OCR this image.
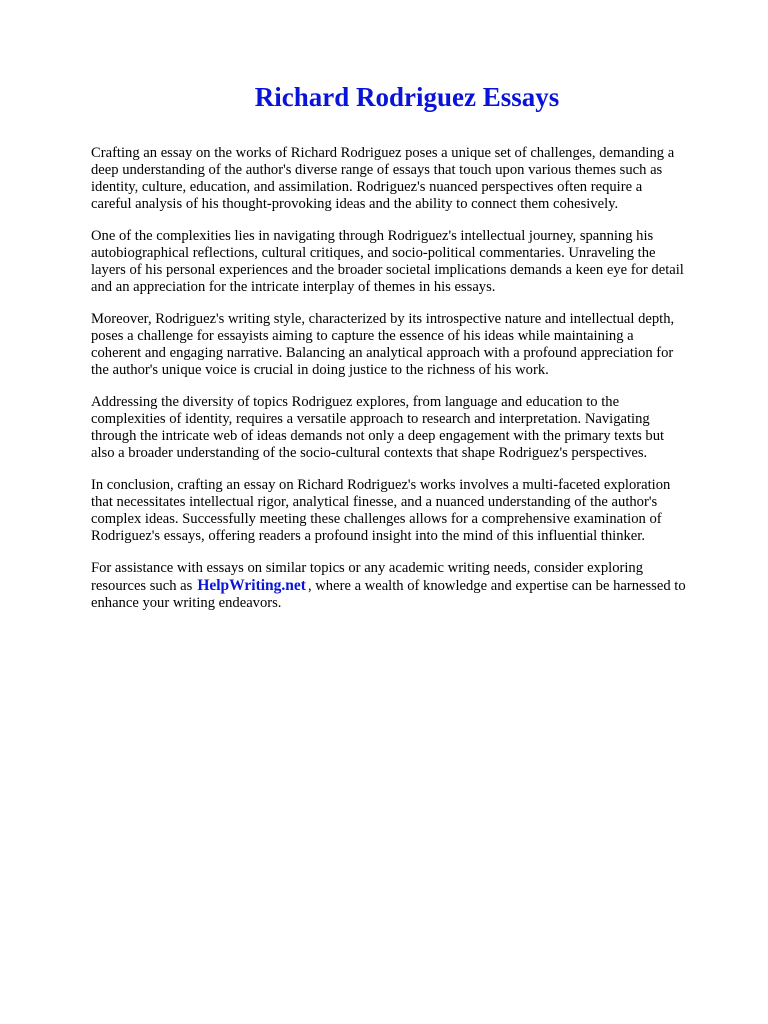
Richard Rodriguez Essays
Crafting an essay on the works of Richard Rodriguez poses a unique set of challenges, demanding a
deep understanding of the author's diverse range of essays that touch upon various themes such as
identity, culture, education, and assimilation. Rodriguez's nuanced perspectives often require a
careful analysis of his thought-provoking ideas and the ability to connect them cohesively.
One of the complexities lies in navigating through Rodriguez's intellectual journey, spanning his
autobiographical reflections, cultural critiques, and socio-political commentaries. Unraveling the
layers of his personal experiences and the broader societal implications demands a keen eye for detail
and an appreciation for the intricate interplay of themes in his essays.
Moreover, Rodriguez's writing style, characterized by its introspective nature and intellectual depth,
poses a challenge for essayists aiming to capture the essence of his ideas while maintaining a
coherent and engaging narrative. Balancing an analytical approach with a profound appreciation for
the author's unique voice is crucial in doing justice to the richness of his work.
Addressing the diversity of topics Rodriguez explores, from language and education to the
complexities of identity, requires a versatile approach to research and interpretation. Navigating
through the intricate web of ideas demands not only a deep engagement with the primary texts but
also a broader understanding of the socio-cultural contexts that shape Rodriguez's perspectives.
In conclusion, crafting an essay on Richard Rodriguez's works involves a multi-faceted exploration
that necessitates intellectual rigor, analytical finesse, and a nuanced understanding of the author's
complex ideas. Successfully meeting these challenges allows for a comprehensive examination of
Rodriguez's essays, offering readers a profound insight into the mind of this influential thinker.
For assistance with essays on similar topics or any academic writing needs, consider exploring
resources such as HelpWriting.net , where a wealth of knowledge and expertise can be harnessed to
enhance your writing endeavors.
